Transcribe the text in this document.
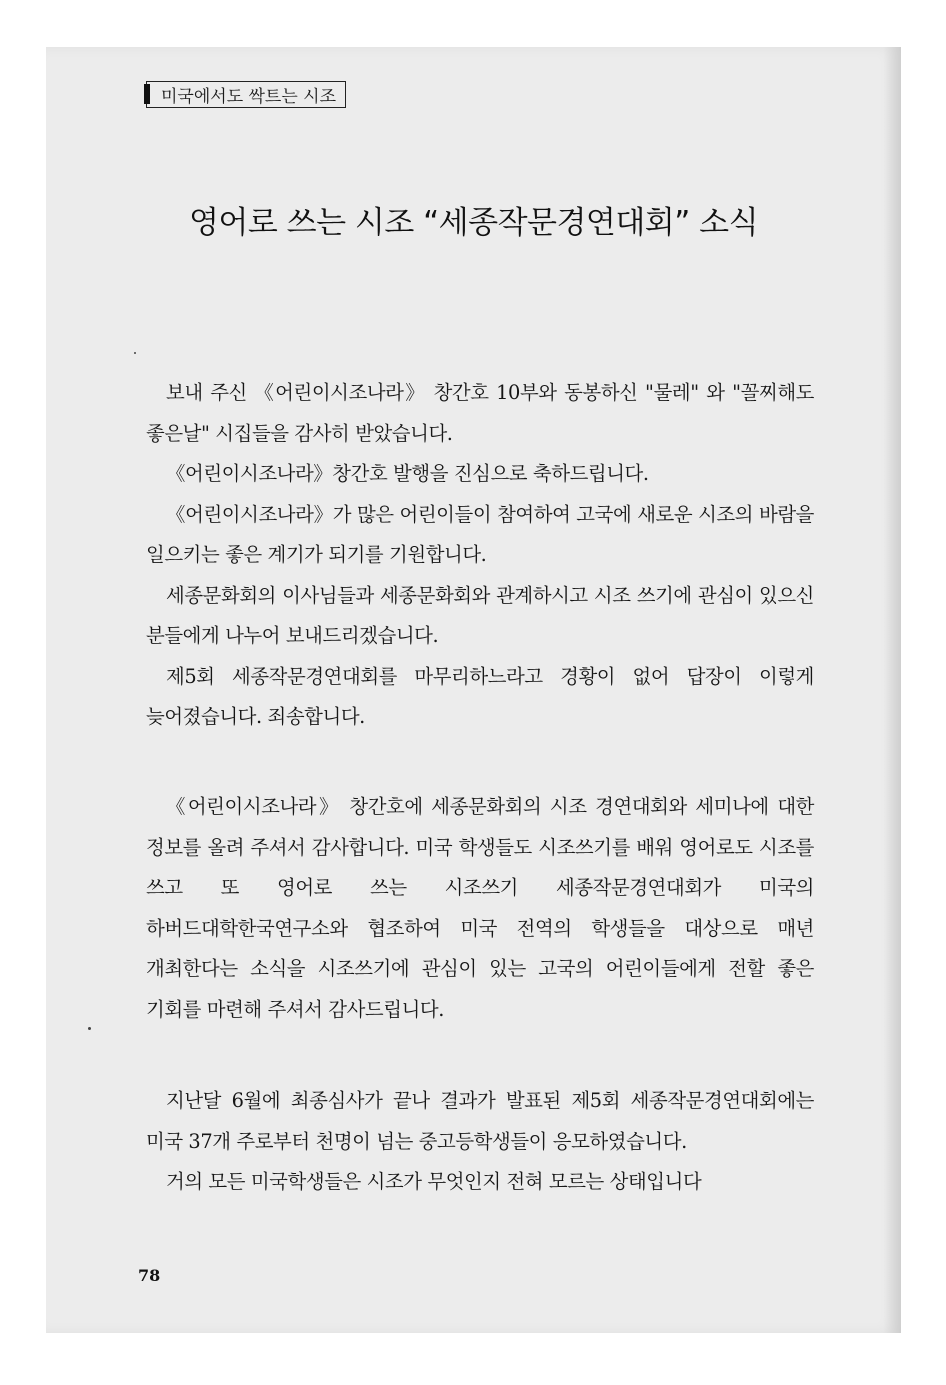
미국에서도 싹트는 시조
영어로 쓰는 시조 “세종작문경연대회” 소식

보내 주신 《어린이시조나라》 창간호 10부와 동봉하신 "물레" 와 "꼴찌해도 좋은날" 시집들을 감사히 받았습니다.

《어린이시조나라》창간호 발행을 진심으로 축하드립니다.

《어린이시조나라》가 많은 어린이들이 참여하여 고국에 새로운 시조의 바람을 일으키는 좋은 계기가 되기를 기원합니다.

세종문화회의 이사님들과 세종문화회와 관계하시고 시조 쓰기에 관심이 있으신 분들에게 나누어 보내드리겠습니다.

제5회 세종작문경연대회를 마무리하느라고 경황이 없어 답장이 이렇게 늦어졌습니다. 죄송합니다.

《어린이시조나라》 창간호에 세종문화회의 시조 경연대회와 세미나에 대한 정보를 올려 주셔서 감사합니다. 미국 학생들도 시조쓰기를 배워 영어로도 시조를 쓰고 또 영어로 쓰는 시조쓰기 세종작문경연대회가 미국의 하버드대학한국연구소와 협조하여 미국 전역의 학생들을 대상으로 매년 개최한다는 소식을 시조쓰기에 관심이 있는 고국의 어린이들에게 전할 좋은 기회를 마련해 주셔서 감사드립니다.

지난달 6월에 최종심사가 끝나 결과가 발표된 제5회 세종작문경연대회에는 미국 37개 주로부터 천명이 넘는 중고등학생들이 응모하였습니다.

거의 모든 미국학생들은 시조가 무엇인지 전혀 모르는 상태입니다

78
